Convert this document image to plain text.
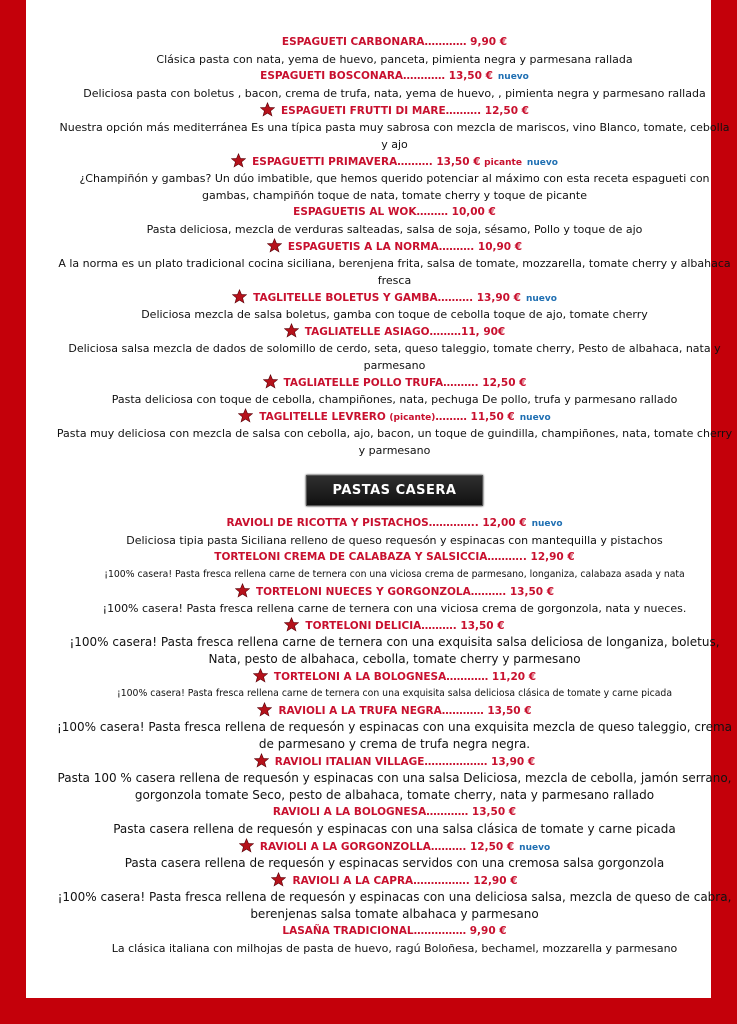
ESPAGUETI CARBONARA………… 9,90 €
Clásica pasta con nata, yema de huevo, panceta, pimienta negra y parmesana rallada
ESPAGUETI BOSCONARA………… 13,50 € nuevo
Deliciosa pasta con boletus , bacon, crema de trufa, nata, yema de huevo, , pimienta negra y parmesano rallada
ESPAGUETI FRUTTI DI MARE………. 12,50 €
Nuestra opción más mediterránea Es una típica pasta muy sabrosa con mezcla de mariscos, vino Blanco, tomate, cebolla y ajo
ESPAGUETTI PRIMAVERA………. 13,50 € picante nuevo
¿Champiñón y gambas? Un dúo imbatible, que hemos querido potenciar al máximo con esta receta espagueti con gambas, champiñón toque de nata, tomate cherry y toque de picante
ESPAGUETIS AL WOK……… 10,00 €
Pasta deliciosa, mezcla de verduras salteadas, salsa de soja, sésamo, Pollo y toque de ajo
ESPAGUETIS A LA NORMA………. 10,90 €
A la norma es un plato tradicional cocina siciliana, berenjena frita, salsa de tomate, mozzarella, tomate cherry y albahaca fresca
TAGLITELLE BOLETUS Y GAMBA………. 13,90 € nuevo
Deliciosa mezcla de salsa boletus, gamba con toque de cebolla toque de ajo, tomate cherry
TAGLIATELLE ASIAGO………11, 90€
Deliciosa salsa mezcla de dados de solomillo de cerdo, seta, queso taleggio, tomate cherry, Pesto de albahaca, nata y parmesano
TAGLIATELLE POLLO TRUFA………. 12,50 €
Pasta deliciosa con toque de cebolla, champiñones, nata, pechuga De pollo, trufa y parmesano rallado
TAGLITELLE LEVRERO (picante)……… 11,50 € nuevo
Pasta muy deliciosa con mezcla de salsa con cebolla, ajo, bacon, un toque de guindilla, champiñones, nata, tomate cherry y parmesano
PASTAS CASERA
RAVIOLI DE RICOTTA Y PISTACHOS………….. 12,00 € nuevo
Deliciosa tipia pasta Siciliana relleno de queso requesón y espinacas con mantequilla y pistachos
TORTELONI CREMA DE CALABAZA Y SALSICCIA……….. 12,90 €
¡100% casera! Pasta fresca rellena carne de ternera con una viciosa crema de parmesano, longaniza, calabaza asada y nata
TORTELONI NUECES Y GORGONZOLA………. 13,50 €
¡100% casera! Pasta fresca rellena carne de ternera con una viciosa crema de gorgonzola, nata y nueces.
TORTELONI DELICIA………. 13,50 €
¡100% casera! Pasta fresca rellena carne de ternera con una exquisita salsa deliciosa de longaniza, boletus, Nata, pesto de albahaca, cebolla, tomate cherry y parmesano
TORTELONI A LA BOLOGNESA………… 11,20 €
¡100% casera! Pasta fresca rellena carne de ternera con una exquisita salsa deliciosa clásica de tomate y carne picada
RAVIOLI A LA TRUFA NEGRA………… 13,50 €
¡100% casera! Pasta fresca rellena de requesón y espinacas con una exquisita mezcla de queso taleggio, crema de parmesano y crema de trufa negra negra.
RAVIOLI ITALIAN VILLAGE……………… 13,90 €
Pasta 100 % casera rellena de requesón y espinacas con una salsa Deliciosa, mezcla de cebolla, jamón serrano, gorgonzola tomate Seco, pesto de albahaca, tomate cherry, nata y parmesano rallado
RAVIOLI A LA BOLOGNESA………… 13,50 €
Pasta casera rellena de requesón y espinacas con una salsa clásica de tomate y carne picada
RAVIOLI A LA GORGONZOLLA………. 12,50 € nuevo
Pasta casera rellena de requesón y espinacas servidos con una cremosa salsa gorgonzola
RAVIOLI A LA CAPRA……………. 12,90 €
¡100% casera! Pasta fresca rellena de requesón y espinacas con una deliciosa salsa, mezcla de queso de cabra, berenjenas salsa tomate albahaca y parmesano
LASAÑA TRADICIONAL…………… 9,90 €
La clásica italiana con milhojas de pasta de huevo, ragú Boloñesa, bechamel, mozzarella y parmesano
